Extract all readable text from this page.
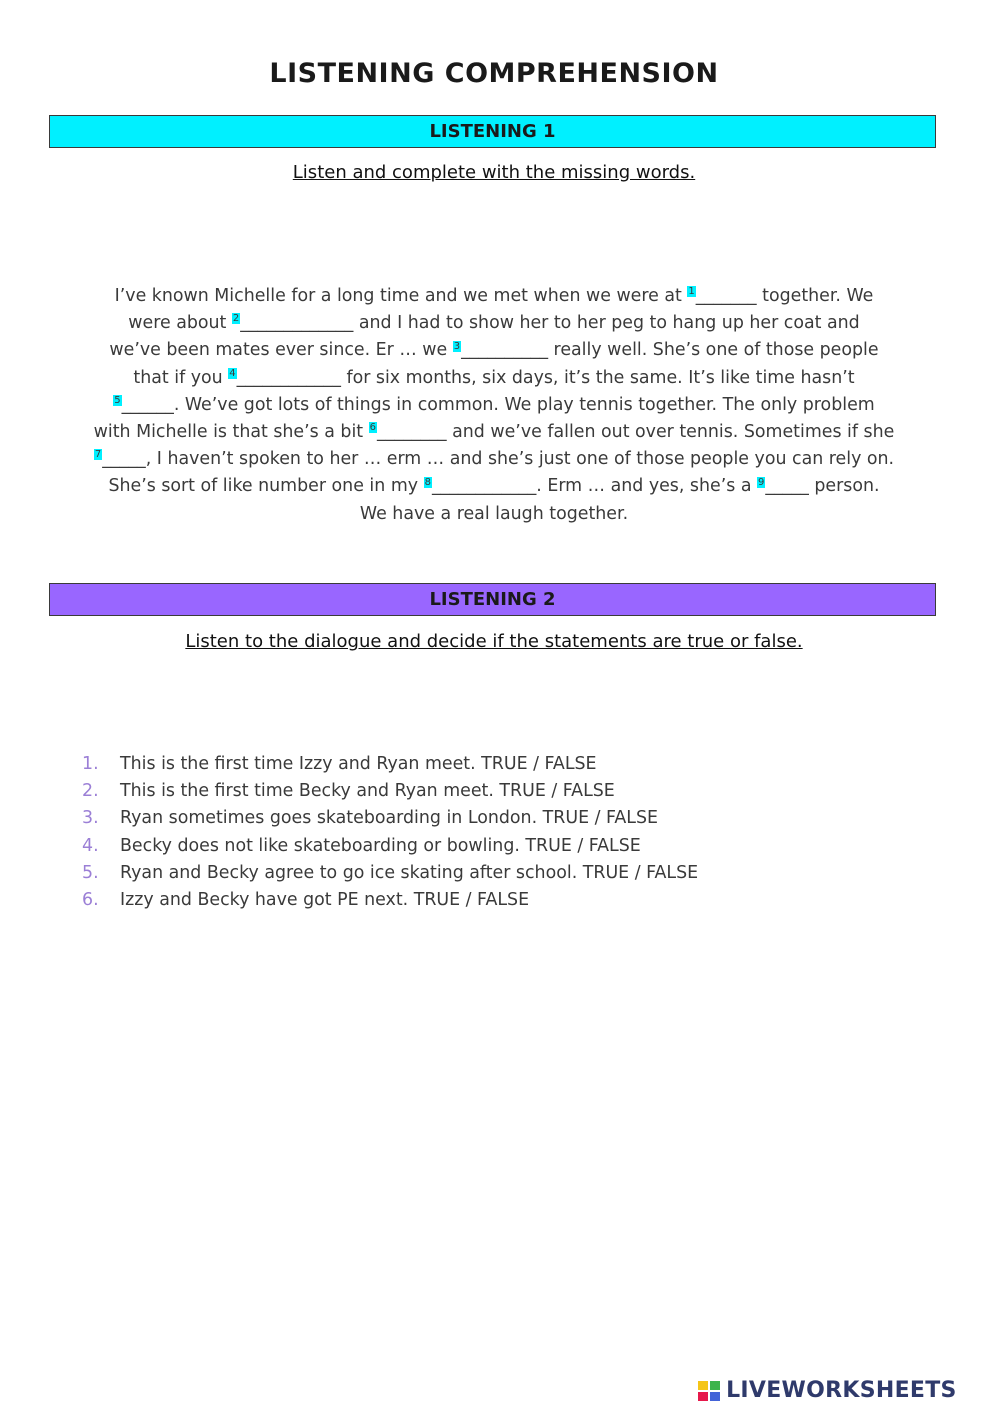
LISTENING COMPREHENSION
LISTENING 1
Listen and complete with the missing words.
I’ve known Michelle for a long time and we met when we were at $^1$_______ together. We
were about $^2$_____________ and I had to show her to her peg to hang up her coat and
we’ve been mates ever since. Er … we $^3$__________ really well. She’s one of those people
that if you $^4$____________ for six months, six days, it’s the same. It’s like time hasn’t
$^5$______. We’ve got lots of things in common. We play tennis together. The only problem
with Michelle is that she’s a bit $^6$________ and we’ve fallen out over tennis. Sometimes if she
$^7$_____, I haven’t spoken to her … erm … and she’s just one of those people you can rely on.
She’s sort of like number one in my $^8$____________. Erm … and yes, she’s a $^9$_____ person.
We have a real laugh together.
LISTENING 2
Listen to the dialogue and decide if the statements are true or false.
1. This is the first time Izzy and Ryan meet. TRUE / FALSE
2. This is the first time Becky and Ryan meet. TRUE / FALSE
3. Ryan sometimes goes skateboarding in London. TRUE / FALSE
4. Becky does not like skateboarding or bowling. TRUE / FALSE
5. Ryan and Becky agree to go ice skating after school. TRUE / FALSE
6. Izzy and Becky have got PE next. TRUE / FALSE
LIVEWORKSHEETS
